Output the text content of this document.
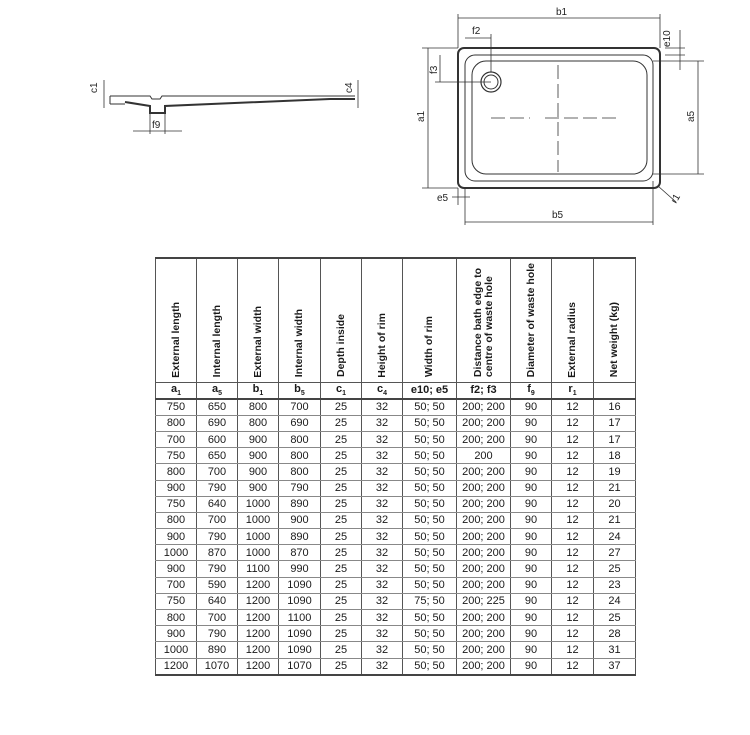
c1	c4
f9
b1
f2	e10
f3
a1	a5
e5
b5
r1
External length	Internal length	External width	Internal width	Depth inside	Height of rim	Width of rim	Distance bath edge to
centre of waste hole	Diameter of waste hole	External radius	Net weight (kg)
$a_1$	$a_5$	$b_1$	$b_5$	$c_1$	$c_4$	e10; e5	f2; f3	$f_9$	$r_1$	
750	650	800	700	25	32	50; 50	200; 200	90	12	16
800	690	800	690	25	32	50; 50	200; 200	90	12	17
700	600	900	800	25	32	50; 50	200; 200	90	12	17
750	650	900	800	25	32	50; 50	200	90	12	18
800	700	900	800	25	32	50; 50	200; 200	90	12	19
900	790	900	790	25	32	50; 50	200; 200	90	12	21
750	640	1000	890	25	32	50; 50	200; 200	90	12	20
800	700	1000	900	25	32	50; 50	200; 200	90	12	21
900	790	1000	890	25	32	50; 50	200; 200	90	12	24
1000	870	1000	870	25	32	50; 50	200; 200	90	12	27
900	790	1100	990	25	32	50; 50	200; 200	90	12	25
700	590	1200	1090	25	32	50; 50	200; 200	90	12	23
750	640	1200	1090	25	32	75; 50	200; 225	90	12	24
800	700	1200	1100	25	32	50; 50	200; 200	90	12	25
900	790	1200	1090	25	32	50; 50	200; 200	90	12	28
1000	890	1200	1090	25	32	50; 50	200; 200	90	12	31
1200	1070	1200	1070	25	32	50; 50	200; 200	90	12	37
